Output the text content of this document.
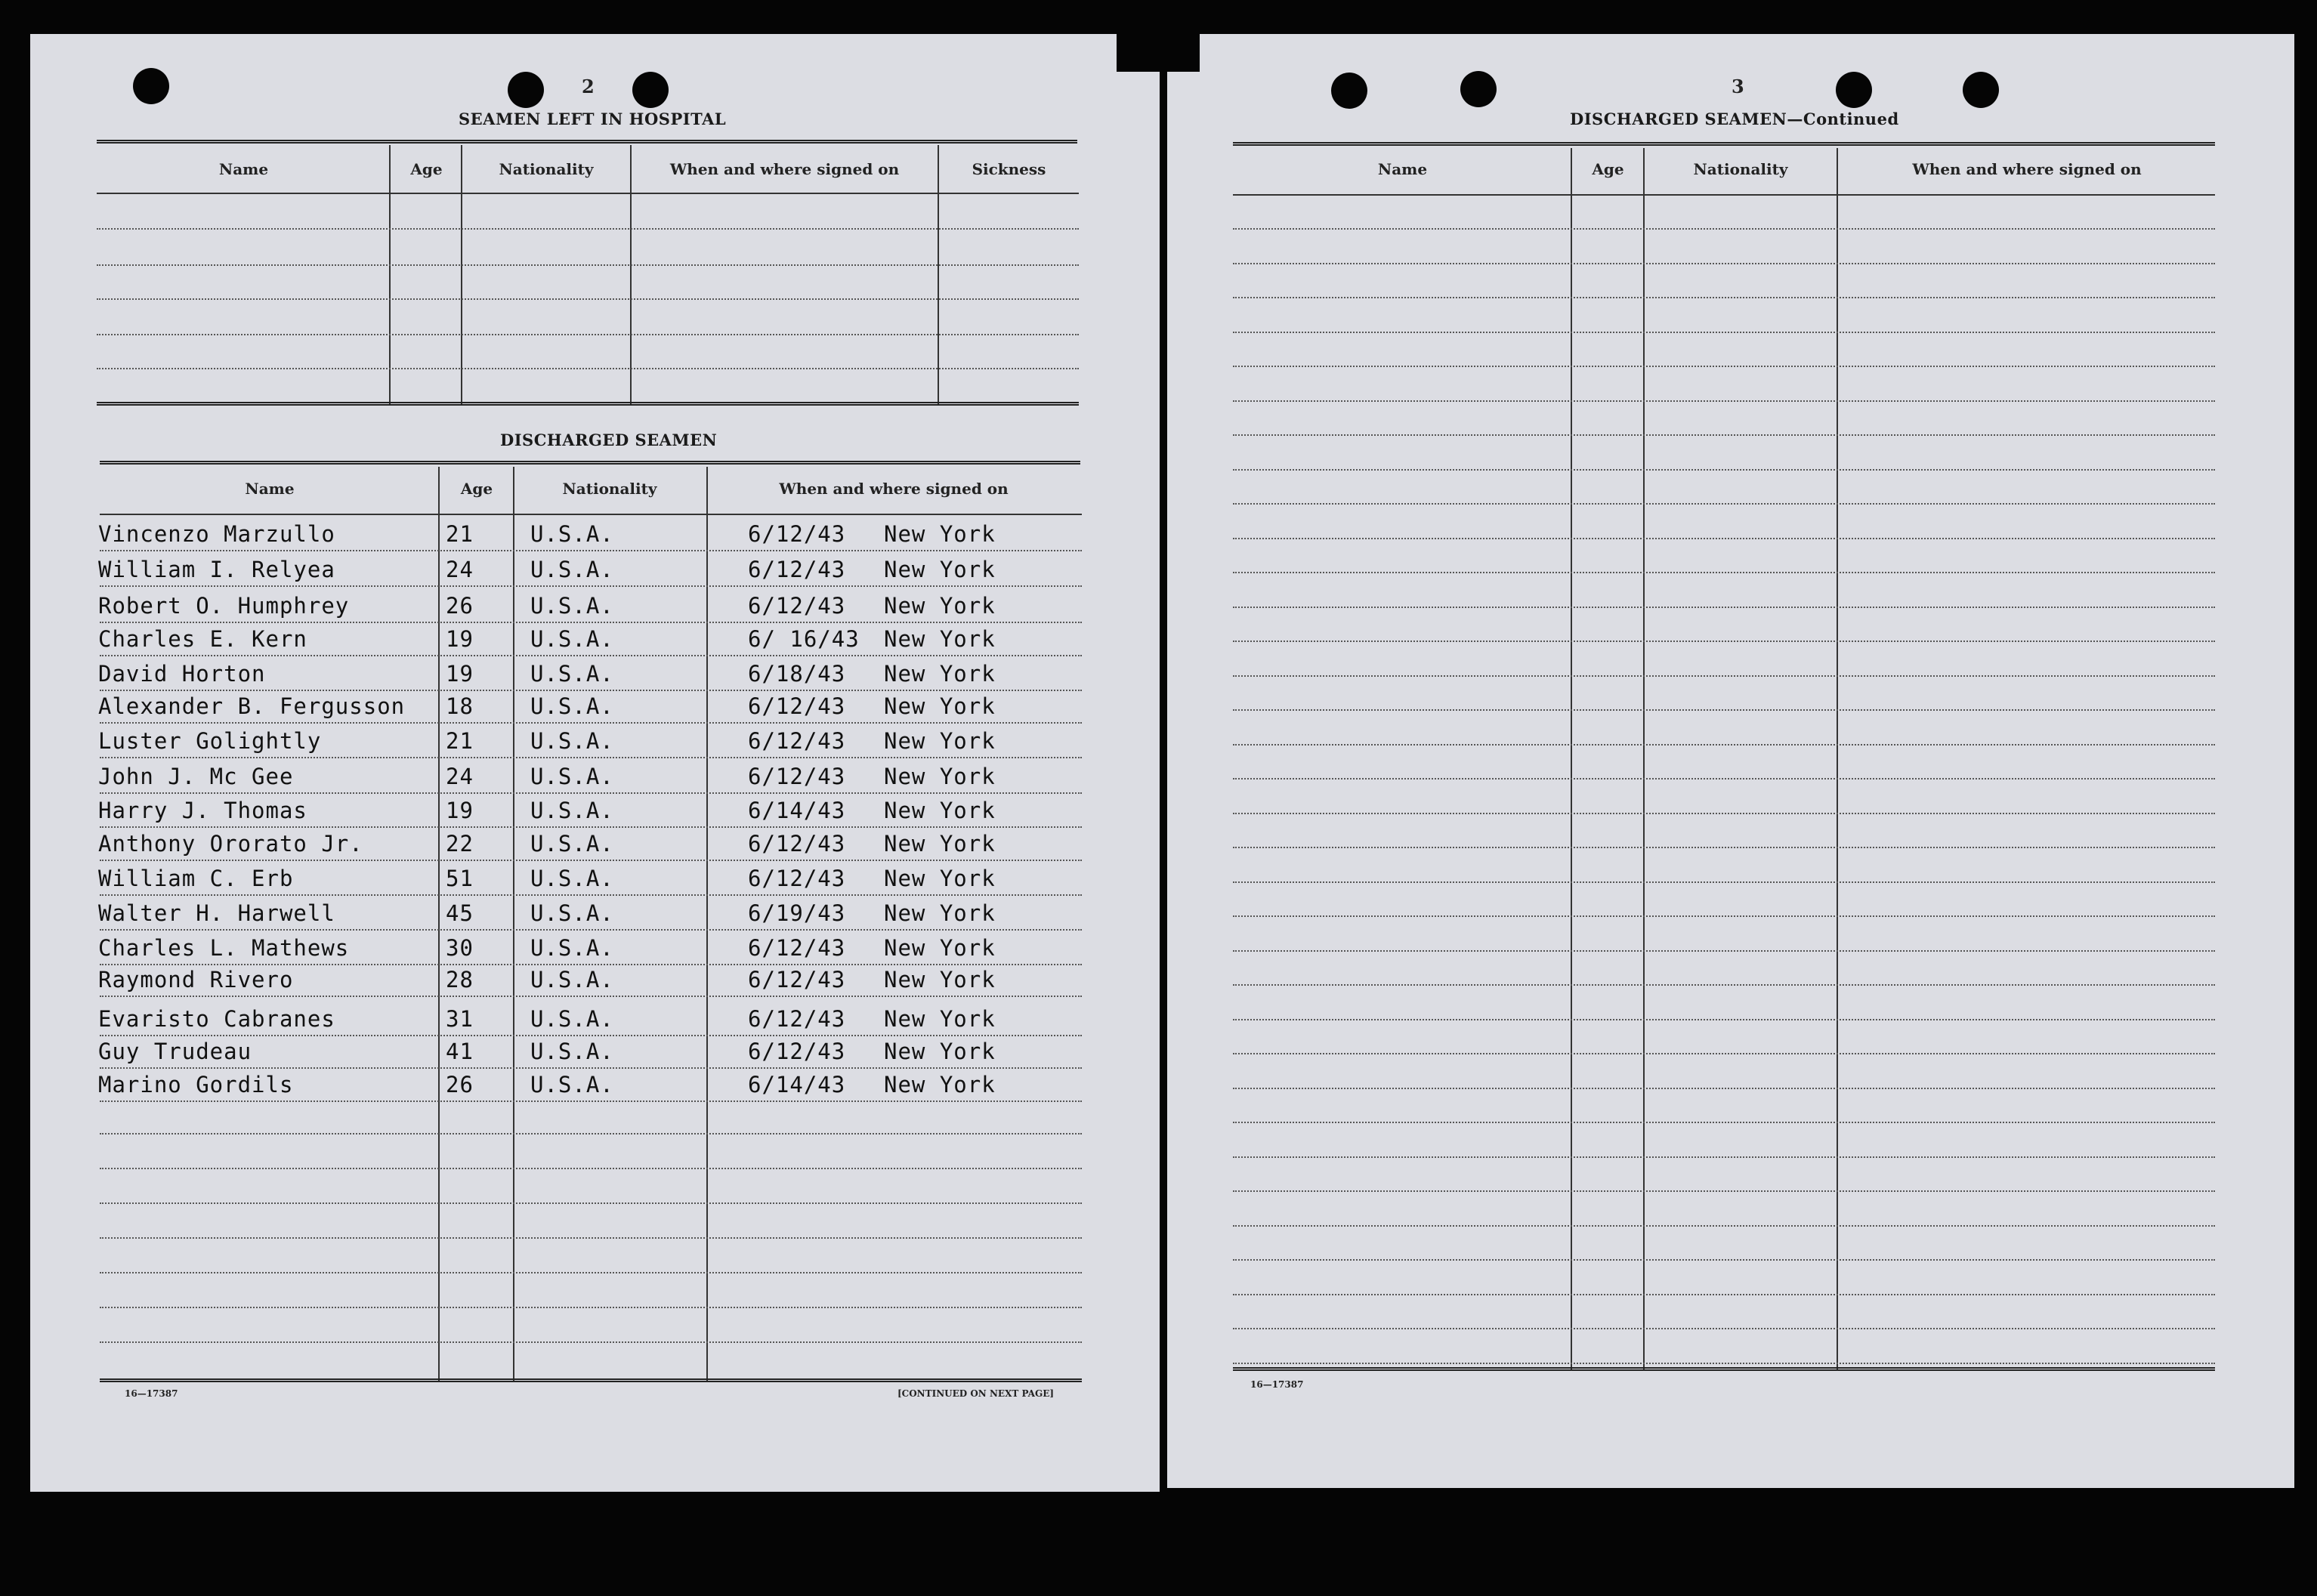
2
SEAMEN LEFT IN HOSPITAL
Name	Age	Nationality	When and where signed on	Sickness
DISCHARGED SEAMEN
Name	Age	Nationality	When and where signed on
Vincenzo Marzullo	21	U.S.A.	6/12/43 New York
William I. Relyea	24	U.S.A.	6/12/43 New York
Robert O. Humphrey	26	U.S.A.	6/12/43 New York
Charles E. Kern	19	U.S.A.	6/ 16/43 New York
David Horton	19	U.S.A.	6/18/43 New York
Alexander B. Fergusson 18	U.S.A.	6/12/43 New York
Luster Golightly	21	U.S.A.	6/12/43 New York
John J. Mc Gee	24	U.S.A.	6/12/43 New York
Harry J. Thomas	19	U.S.A.	6/14/43 New York
Anthony Ororato Jr.	22	U.S.A.	6/12/43 New York
William C. Erb	51	U.S.A.	6/12/43 New York
Walter H. Harwell	45	U.S.A.	6/19/43 New York
Charles L. Mathews	30	U.S.A.	6/12/43 New York
Raymond Rivero	28	U.S.A.	6/12/43 New York
Evaristo Cabranes	31	U.S.A.	6/12/43 New York
Guy Trudeau	41	U.S.A.	6/12/43 New York
Marino Gordils	26	U.S.A.	6/14/43 New York
16—17387	[CONTINUED ON NEXT PAGE]
3
DISCHARGED SEAMEN—Continued
Name	Age	Nationality	When and where signed on
16—17387
